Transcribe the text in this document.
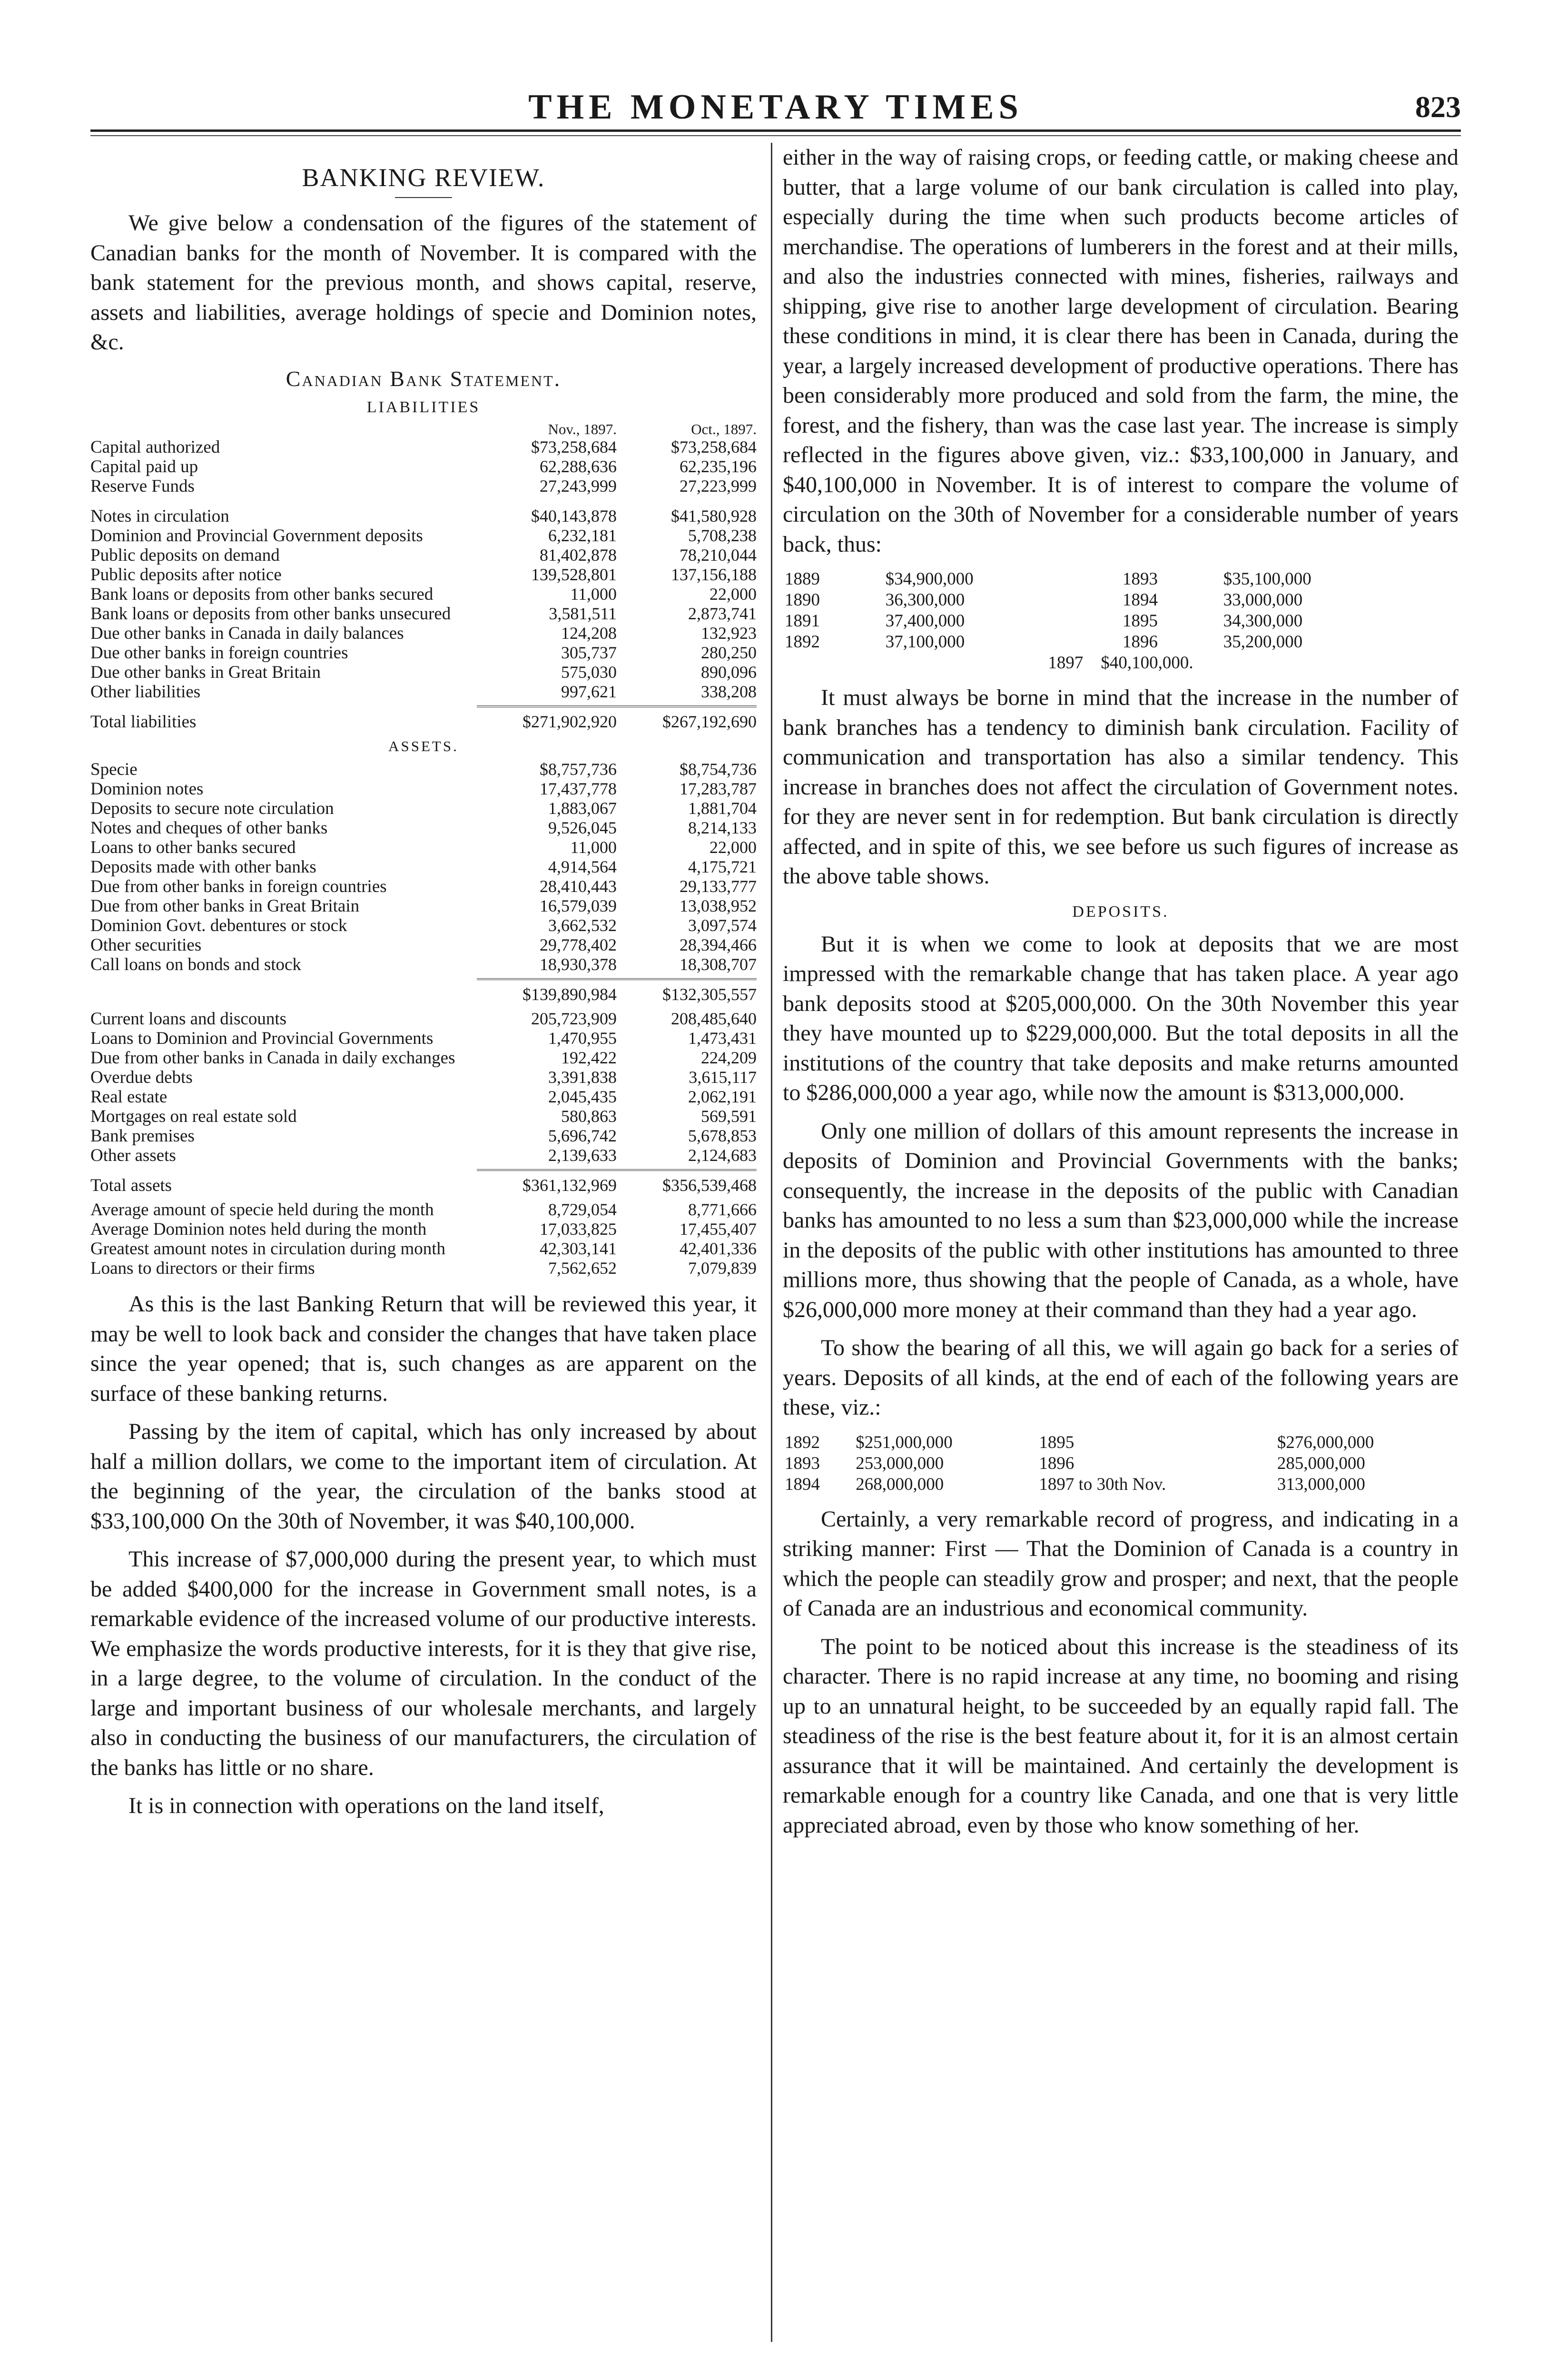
THE MONETARY TIMES	823
BANKING REVIEW.

We give below a condensation of the figures of the statement of Canadian banks for the month of November. It is compared with the bank statement for the previous month, and shows capital, reserve, assets and liabilities, average holdings of specie and Dominion notes, &c.

Canadian Bank Statement.
LIABILITIES
	Nov., 1897.	Oct., 1897.
Capital authorized	$73,258,684	$73,258,684
Capital paid up	62,288,636	62,235,196
Reserve Funds	27,243,999	27,223,999

Notes in circulation	$40,143,878	$41,580,928
Dominion and Provincial Government deposits	6,232,181	5,708,238
Public deposits on demand	81,402,878	78,210,044
Public deposits after notice	139,528,801	137,156,188
Bank loans or deposits from other banks secured	11,000	22,000
Bank loans or deposits from other banks unsecured	3,581,511	2,873,741
Due other banks in Canada in daily balances	124,208	132,923
Due other banks in foreign countries	305,737	280,250
Due other banks in Great Britain	575,030	890,096
Other liabilities	997,621	338,208

Total liabilities	$271,902,920	$267,192,690
ASSETS.		
Specie	$8,757,736	$8,754,736
Dominion notes	17,437,778	17,283,787
Deposits to secure note circulation	1,883,067	1,881,704
Notes and cheques of other banks	9,526,045	8,214,133
Loans to other banks secured	11,000	22,000
Deposits made with other banks	4,914,564	4,175,721
Due from other banks in foreign countries	28,410,443	29,133,777
Due from other banks in Great Britain	16,579,039	13,038,952
Dominion Govt. debentures or stock	3,662,532	3,097,574
Other securities	29,778,402	28,394,466
Call loans on bonds and stock	18,930,378	18,308,707

	$139,890,984	$132,305,557
Current loans and discounts	205,723,909	208,485,640
Loans to Dominion and Provincial Governments	1,470,955	1,473,431
Due from other banks in Canada in daily exchanges	192,422	224,209
Overdue debts	3,391,838	3,615,117
Real estate	2,045,435	2,062,191
Mortgages on real estate sold	580,863	569,591
Bank premises	5,696,742	5,678,853
Other assets	2,139,633	2,124,683

Total assets	$361,132,969	$356,539,468
Average amount of specie held during the month	8,729,054	8,771,666
Average Dominion notes held during the month	17,033,825	17,455,407
Greatest amount notes in circulation during month	42,303,141	42,401,336
Loans to directors or their firms	7,562,652	7,079,839

As this is the last Banking Return that will be reviewed this year, it may be well to look back and consider the changes that have taken place since the year opened; that is, such changes as are apparent on the surface of these banking returns.

Passing by the item of capital, which has only increased by about half a million dollars, we come to the important item of circulation. At the beginning of the year, the circulation of the banks stood at $33,100,000 On the 30th of November, it was $40,100,000.

This increase of $7,000,000 during the present year, to which must be added $400,000 for the increase in Government small notes, is a remarkable evidence of the increased volume of our productive interests. We emphasize the words productive interests, for it is they that give rise, in a large degree, to the volume of circulation. In the conduct of the large and important business of our wholesale merchants, and largely also in conducting the business of our manufacturers, the circulation of the banks has little or no share.

It is in connection with operations on the land itself,

either in the way of raising crops, or feeding cattle, or making cheese and butter, that a large volume of our bank circulation is called into play, especially during the time when such products become articles of merchandise. The operations of lumberers in the forest and at their mills, and also the industries connected with mines, fisheries, railways and shipping, give rise to another large development of circulation. Bearing these conditions in mind, it is clear there has been in Canada, during the year, a largely increased development of productive operations. There has been considerably more produced and sold from the farm, the mine, the forest, and the fishery, than was the case last year. The increase is simply reflected in the figures above given, viz.: $33,100,000 in January, and $40,100,000 in November. It is of interest to compare the volume of circulation on the 30th of November for a considerable number of years back, thus:

1889	$34,900,000	1893	$35,100,000
1890	36,300,000	1894	33,000,000
1891	37,400,000	1895	34,300,000
1892	37,100,000	1896	35,200,000
1897 $40,100,000.			

It must always be borne in mind that the increase in the number of bank branches has a tendency to diminish bank circulation. Facility of communication and transportation has also a similar tendency. This increase in branches does not affect the circulation of Government notes. for they are never sent in for redemption. But bank circulation is directly affected, and in spite of this, we see before us such figures of increase as the above table shows.

DEPOSITS.

But it is when we come to look at deposits that we are most impressed with the remarkable change that has taken place. A year ago bank deposits stood at $205,000,000. On the 30th November this year they have mounted up to $229,000,000. But the total deposits in all the institutions of the country that take deposits and make returns amounted to $286,000,000 a year ago, while now the amount is $313,000,000.

Only one million of dollars of this amount represents the increase in deposits of Dominion and Provincial Governments with the banks; consequently, the increase in the deposits of the public with Canadian banks has amounted to no less a sum than $23,000,000 while the increase in the deposits of the public with other institutions has amounted to three millions more, thus showing that the people of Canada, as a whole, have $26,000,000 more money at their command than they had a year ago.

To show the bearing of all this, we will again go back for a series of years. Deposits of all kinds, at the end of each of the following years are these, viz.:

1892	$251,000,000	1895	$276,000,000
1893	253,000,000	1896	285,000,000
1894	268,000,000	1897 to 30th Nov.	313,000,000

Certainly, a very remarkable record of progress, and indicating in a striking manner: First — That the Dominion of Canada is a country in which the people can steadily grow and prosper; and next, that the people of Canada are an industrious and economical community.

The point to be noticed about this increase is the steadiness of its character. There is no rapid increase at any time, no booming and rising up to an unnatural height, to be succeeded by an equally rapid fall. The steadiness of the rise is the best feature about it, for it is an almost certain assurance that it will be maintained. And certainly the development is remarkable enough for a country like Canada, and one that is very little appreciated abroad, even by those who know something of her.
